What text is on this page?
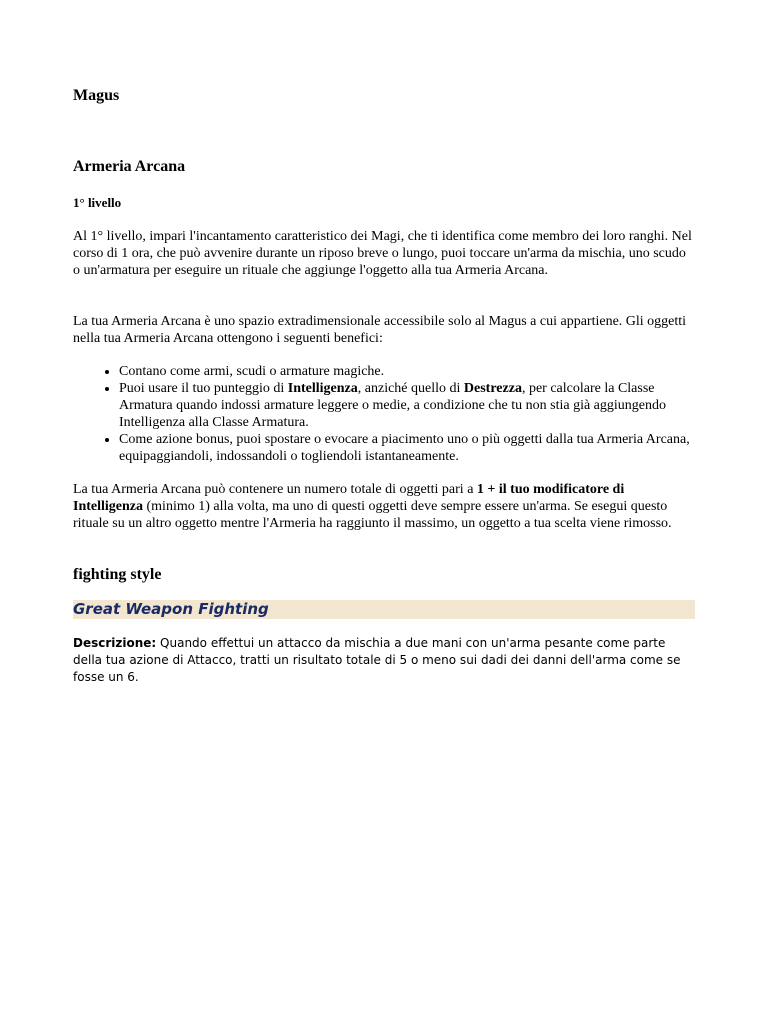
Magus
Armeria Arcana
1° livello

Al 1° livello, impari l'incantamento caratteristico dei Magi, che ti identifica come membro dei loro ranghi. Nel corso di 1 ora, che può avvenire durante un riposo breve o lungo, puoi toccare un'arma da mischia, uno scudo o un'armatura per eseguire un rituale che aggiunge l'oggetto alla tua Armeria Arcana.

La tua Armeria Arcana è uno spazio extradimensionale accessibile solo al Magus a cui appartiene. Gli oggetti nella tua Armeria Arcana ottengono i seguenti benefici:

• Contano come armi, scudi o armature magiche.
• Puoi usare il tuo punteggio di Intelligenza, anziché quello di Destrezza, per calcolare la Classe Armatura quando indossi armature leggere o medie, a condizione che tu non stia già aggiungendo Intelligenza alla Classe Armatura.
• Come azione bonus, puoi spostare o evocare a piacimento uno o più oggetti dalla tua Armeria Arcana, equipaggiandoli, indossandoli o togliendoli istantaneamente.

La tua Armeria Arcana può contenere un numero totale di oggetti pari a 1 + il tuo modificatore di Intelligenza (minimo 1) alla volta, ma uno di questi oggetti deve sempre essere un'arma. Se esegui questo rituale su un altro oggetto mentre l'Armeria ha raggiunto il massimo, un oggetto a tua scelta viene rimosso.

fighting style
Great Weapon Fighting

Descrizione: Quando effettui un attacco da mischia a due mani con un'arma pesante come parte della tua azione di Attacco, tratti un risultato totale di 5 o meno sui dadi dei danni dell'arma come se fosse un 6.
